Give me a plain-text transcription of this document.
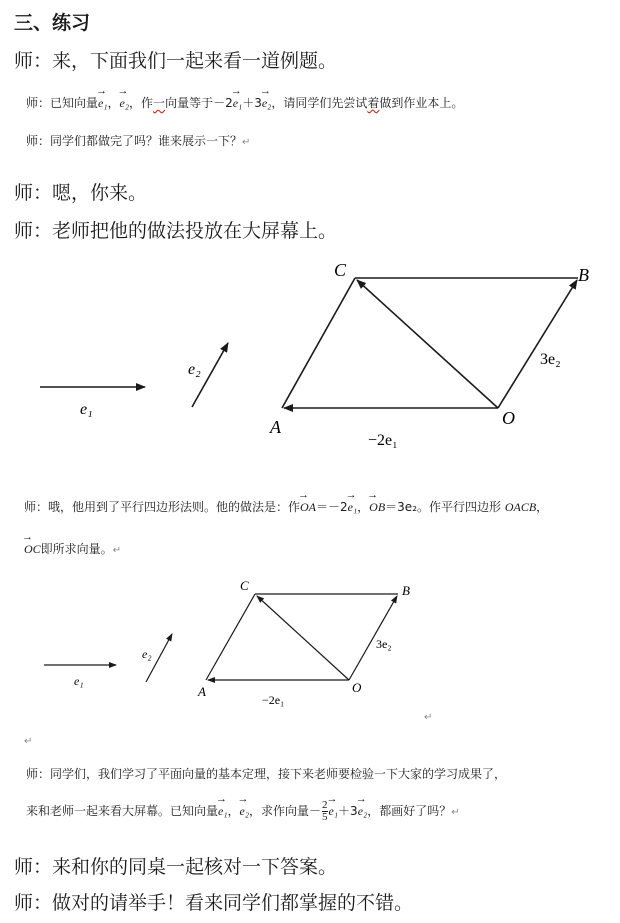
三、练习
师：来，下面我们一起来看一道例题。
师：已知向量→ e₁，→ e₂，作一向量等于－2→ e₁＋3→ e₂，请同学们先尝试着做到作业本上。
师：同学们都做完了吗？谁来展示一下？↵
师：嗯，你来。
师：老师把他的做法投放在大屏幕上。
e₁
e₂
C	B
A	O
3e₂
−2e₁
师：哦，他用到了平行四边形法则。他的做法是：作→ OA＝－2→ e₁，→ OB＝3e₂。作平行四边形 OACB，
→ OC即所求向量。↵
e₁
e₂
C	B
A	O
3e₂
−2e₁
↵
↵
师：同学们，我们学习了平面向量的基本定理，接下来老师要检验一下大家的学习成果了，
来和老师一起来看大屏幕。已知向量→ e₁，→ e₂，求作向量－ $\frac{2}{5}$
→ e₁＋3→ e₂，都画好了吗？↵
师：来和你的同桌一起核对一下答案。
师：做对的请举手！看来同学们都掌握的不错。
